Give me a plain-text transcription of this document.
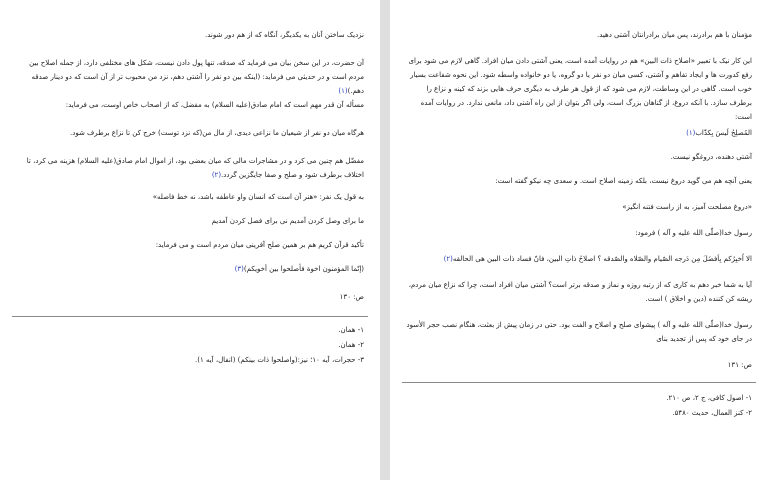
نزدیک ساختن آنان به یکدیگر، آنگاه که از هم دور شوند.

آن حضرت، در این سخن بیان می فرماید که صدقه، تنها پول دادن نیست، شکل های مختلفی دارد، از جمله اصلاح بین مردم است و در حدیثی می فرماید: (اینکه بین دو نفر را آشتی دهم، نزد من محبوب تر از آن است که دو دینار صدقه دهم.)(۱)

مسأله آن قدر مهم است که امام صادق(علیه السلام) به مفضل، که از اصحاب خاص اوست، می فرماید:

هرگاه میان دو نفر از شیعیان ما نزاعی دیدی، از مال من(که نزد توست) خرج کن تا نزاع برطرف شود.

مفضّل هم چنین می کرد و در مشاجرات مالی که میان بعضی بود، از اموال امام صادق(علیه السلام) هزینه می کرد، تا اختلاف برطرف شود و صلح و صفا جایگزین گردد.(۲)

به قول یک نفر: «هنر آن است که انسان واو عاطفه باشد، نه خط فاصله»

ما برای وصل کردن آمدیم نی برای فصل کردن آمدیم

تأکید قرآن کریم هم بر همین صلح آفرینی میان مردم است و می فرماید:

(إنّما المؤمنون اخوة فأصلحوا بین أخویکم)(۳)

ص: ۱۳۰

۱- همان.

۲- همان.

۳- حجرات، آیه ۱۰؛ نیز:(واصلحوا ذات بینکم) (انفال، آیه ۱).

مؤمنان با هم برادرند، پس میان برادرانتان آشتی دهید.

این کار نیک با تعبیر «اصلاح ذات البین» هم در روایات آمده است، یعنی آشتی دادن میان افراد. گاهی لازم می شود برای رفع کدورت ها و ایجاد تفاهم و آشتی، کسی میان دو نفر یا دو گروه، یا دو خانواده واسطه شود. این نحوه شفاعت بسیار خوب است. گاهی در این وساطت، لازم می شود که از قول هر طرف به دیگری حرف هایی بزند که کینه و نزاع را برطرف سازد. با آنکه دروغ، از گناهان بزرگ است، ولی اگر بتوان از این راه آشتی داد، مانعی ندارد. در روایات آمده است:

المُصلِحُ لَیسَ بِکذّاب(۱)

آشتی دهنده، دروغگو نیست.

یعنی آنچه هم می گوید دروغ نیست، بلکه زمینه اصلاح است. و سعدی چه نیکو گفته است:

«دروغ مصلحت آمیز، به از راست فتنه انگیز»

رسول خدا(صلّی الله علیه و آله ) فرمود:

الا اُخبِرُکم بِاَفضَلَ مِن دَرجه الصّیام والصّلاه والصّدقه ؟ اصلاحُ ذاتِ البین، فانّ فساد ذات البین هی الحالقه(۲)

آیا به شما خبر دهم به کاری که از رتبه روزه و نماز و صدقه برتر است؟ آشتی میان افراد است، چرا که نزاع میان مردم، ریشه کن کننده (دین و اخلاق ) است.

رسول خدا(صلّی الله علیه و آله ) پیشوای صلح و اصلاح و الفت بود. حتی در زمان پیش از بعثت، هنگام نصب حجر الأسود در جای خود که پس از تجدید بنای

ص: ۱۳۱

۱- اصول کافی، ج ۲، ص ۲۱۰.

۲- کنز العمال، حدیث ۵۴۸۰.
